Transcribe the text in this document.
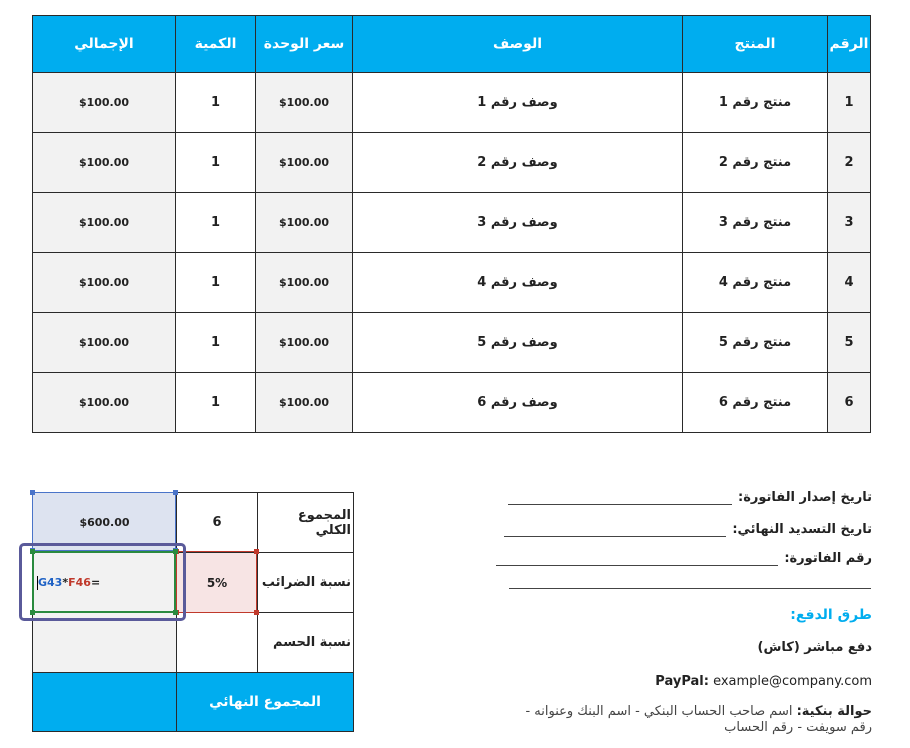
الرقم	المنتج	الوصف	سعر الوحدة	الكمية	الإجمالي
1	منتج رقم 1	وصف رقم 1	$100.00	1	$100.00
2	منتج رقم 2	وصف رقم 2	$100.00	1	$100.00
3	منتج رقم 3	وصف رقم 3	$100.00	1	$100.00
4	منتج رقم 4	وصف رقم 4	$100.00	1	$100.00
5	منتج رقم 5	وصف رقم 5	$100.00	1	$100.00
6	منتج رقم 6	وصف رقم 6	$100.00	1	$100.00
المجموع الكلي	6	$600.00
نسبة الضرائب	5%	=G43*F46
نسبة الحسم		
المجموع النهائي		
تاريخ إصدار الفاتورة:
تاريخ التسديد النهائي:
رقم الفاتورة:
طرق الدفع:
دفع مباشر (كاش)
PayPal: example@company.com
حوالة بنكية: اسم صاحب الحساب البنكي - اسم البنك وعنوانه -
رقم سويفت - رقم الحساب
